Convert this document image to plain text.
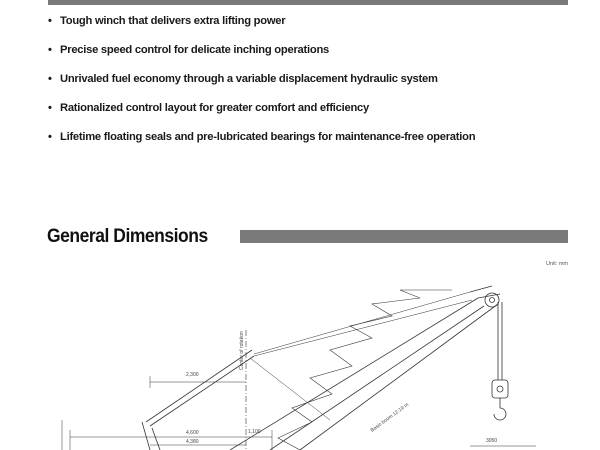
• Tough winch that delivers extra lifting power
• Precise speed control for delicate inching operations
• Unrivaled fuel economy through a variable displacement hydraulic system
• Rationalized control layout for greater comfort and efficiency
• Lifetime floating seals and pre-lubricated bearings for maintenance-free operation
General Dimensions
Unit: mm
2,300
4,600
4,380
1,100
3050
Center of rotation
Basic boom 12.19 m
